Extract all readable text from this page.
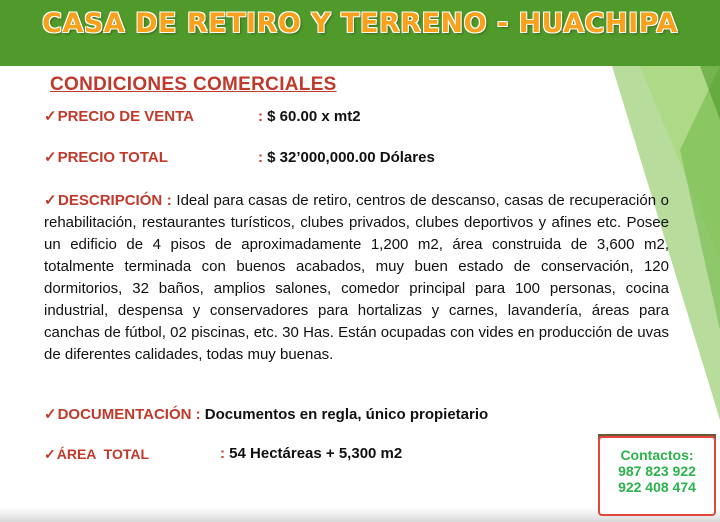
CASA DE RETIRO Y TERRENO - HUACHIPA
CONDICIONES COMERCIALES
✓PRECIO DE VENTA	: $ 60.00 x mt2
✓PRECIO TOTAL	: $ 32’000,000.00 Dólares
✓DESCRIPCIÓN : Ideal para casas de retiro, centros de descanso, casas de recuperación o rehabilitación, restaurantes turísticos, clubes privados, clubes deportivos y afines etc. Posee un edificio de 4 pisos de aproximadamente 1,200 m2, área construida de 3,600 m2, totalmente terminada con buenos acabados, muy buen estado de conservación, 120 dormitorios, 32 baños, amplios salones, comedor principal para 100 personas, cocina industrial, despensa y conservadores para hortalizas y carnes, lavandería, áreas para canchas de fútbol, 02 piscinas, etc. 30 Has. Están ocupadas con vides en producción de uvas de diferentes calidades, todas muy buenas.
✓DOCUMENTACIÓN : Documentos en regla, único propietario
✓ÁREA  TOTAL	: 54 Hectáreas + 5,300 m2	Contactos:
987 823 922
922 408 474
